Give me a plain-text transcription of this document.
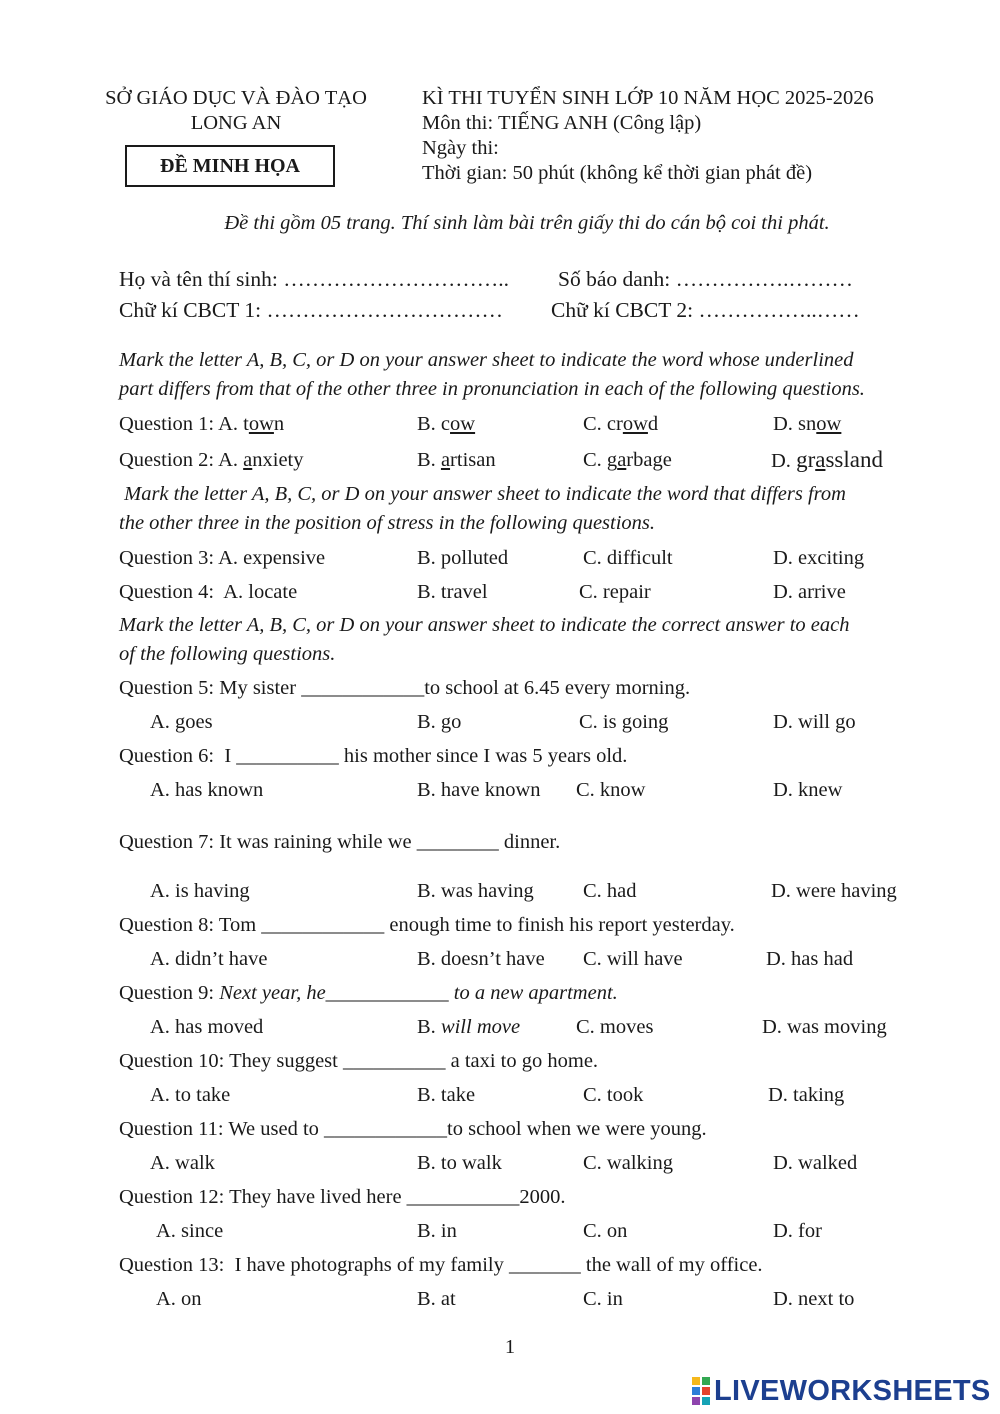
SỞ GIÁO DỤC VÀ ĐÀO TẠO
LONG AN
ĐỀ MINH HỌA
KÌ THI TUYỂN SINH LỚP 10 NĂM HỌC 2025-2026
Môn thi: TIẾNG ANH (Công lập)
Ngày thi:
Thời gian: 50 phút (không kể thời gian phát đề)
Đề thi gồm 05 trang. Thí sinh làm bài trên giấy thi do cán bộ coi thi phát.
Họ và tên thí sinh: ………………………….. Số báo danh: …………….………
Chữ kí CBCT 1: …………………………… Chữ kí CBCT 2: ……………..……
Mark the letter A, B, C, or D on your answer sheet to indicate the word whose underlined
part differs from that of the other three in pronunciation in each of the following questions.
Question 1: A. town	B. cow	C. crowd	D. snow
Question 2: A. anxiety	B. artisan	C. garbage	D. grassland
Mark the letter A, B, C, or D on your answer sheet to indicate the word that differs from
the other three in the position of stress in the following questions.
Question 3: A. expensive	B. polluted	C. difficult	D. exciting
Question 4:  A. locate	B. travel	C. repair	D. arrive
Mark the letter A, B, C, or D on your answer sheet to indicate the correct answer to each
of the following questions.
Question 5: My sister ____________to school at 6.45 every morning.
A. goes	B. go	C. is going	D. will go
Question 6:  I __________ his mother since I was 5 years old.
A. has known	B. have known C. know	D. knew
Question 7: It was raining while we ________ dinner.
A. is having	B. was having C. had	D. were having
Question 8: Tom ____________ enough time to finish his report yesterday.
A. didn’t have	B. doesn’t have C. will have	D. has had
Question 9: Next year, he____________ to a new apartment.
A. has moved	B. will move	C. moves	D. was moving
Question 10: They suggest __________ a taxi to go home.
A. to take	B. take	C. took	D. taking
Question 11: We used to ____________to school when we were young.
A. walk	B. to walk	C. walking	D. walked
Question 12: They have lived here ___________2000.
A. since	B. in	C. on	D. for
Question 13:  I have photographs of my family _______ the wall of my office.
A. on	B. at	C. in	D. next to
1
LIVEWORKSHEETS
